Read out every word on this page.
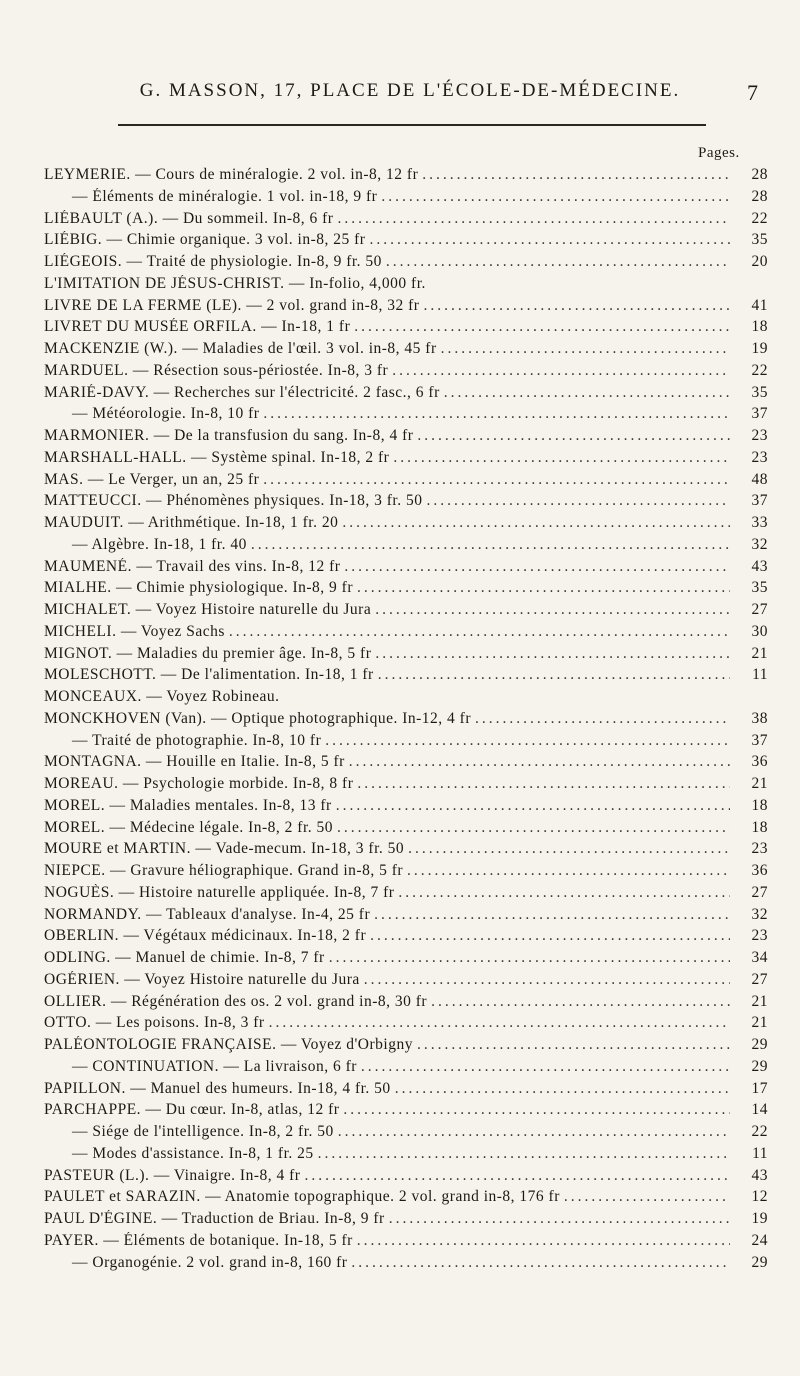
G. MASSON, 17, PLACE DE L'ÉCOLE-DE-MÉDECINE.	7
Pages.
LEYMERIE. — Cours de minéralogie. 2 vol. in-8, 12 fr .....	28
— Éléments de minéralogie. 1 vol. in-18, 9 fr .....	28
LIÉBAULT (A.). — Du sommeil. In-8, 6 fr .....	22
LIÉBIG. — Chimie organique. 3 vol. in-8, 25 fr .....	35
LIÉGEOIS. — Traité de physiologie. In-8, 9 fr. 50 .....	20
L'IMITATION DE JÉSUS-CHRIST. — In-folio, 4,000 fr.
LIVRE DE LA FERME (LE). — 2 vol. grand in-8, 32 fr .....	41
LIVRET DU MUSÉE ORFILA. — In-18, 1 fr .....	18
MACKENZIE (W.). — Maladies de l'œil. 3 vol. in-8, 45 fr .....	19
MARDUEL. — Résection sous-périostée. In-8, 3 fr .....	22
MARIÉ-DAVY. — Recherches sur l'électricité. 2 fasc., 6 fr .....	35
— Météorologie. In-8, 10 fr .....	37
MARMONIER. — De la transfusion du sang. In-8, 4 fr .....	23
MARSHALL-HALL. — Système spinal. In-18, 2 fr .....	23
MAS. — Le Verger, un an, 25 fr .....	48
MATTEUCCI. — Phénomènes physiques. In-18, 3 fr. 50 .....	37
MAUDUIT. — Arithmétique. In-18, 1 fr. 20 .....	33
— Algèbre. In-18, 1 fr. 40 .....	32
MAUMENÉ. — Travail des vins. In-8, 12 fr .....	43
MIALHE. — Chimie physiologique. In-8, 9 fr .....	35
MICHALET. — Voyez Histoire naturelle du Jura .....	27
MICHELI. — Voyez Sachs .....	30
MIGNOT. — Maladies du premier âge. In-8, 5 fr .....	21
MOLESCHOTT. — De l'alimentation. In-18, 1 fr .....	11
MONCEAUX. — Voyez Robineau.
MONCKHOVEN (Van). — Optique photographique. In-12, 4 fr .....	38
— Traité de photographie. In-8, 10 fr .....	37
MONTAGNA. — Houille en Italie. In-8, 5 fr .....	36
MOREAU. — Psychologie morbide. In-8, 8 fr .....	21
MOREL. — Maladies mentales. In-8, 13 fr .....	18
MOREL. — Médecine légale. In-8, 2 fr. 50 .....	18
MOURE et MARTIN. — Vade-mecum. In-18, 3 fr. 50 .....	23
NIEPCE. — Gravure héliographique. Grand in-8, 5 fr .....	36
NOGUÈS. — Histoire naturelle appliquée. In-8, 7 fr .....	27
NORMANDY. — Tableaux d'analyse. In-4, 25 fr .....	32
OBERLIN. — Végétaux médicinaux. In-18, 2 fr .....	23
ODLING. — Manuel de chimie. In-8, 7 fr .....	34
OGÉRIEN. — Voyez Histoire naturelle du Jura .....	27
OLLIER. — Régénération des os. 2 vol. grand in-8, 30 fr .....	21
OTTO. — Les poisons. In-8, 3 fr .....	21
PALÉONTOLOGIE FRANÇAISE. — Voyez d'Orbigny .....	29
— CONTINUATION. — La livraison, 6 fr .....	29
PAPILLON. — Manuel des humeurs. In-18, 4 fr. 50 .....	17
PARCHAPPE. — Du cœur. In-8, atlas, 12 fr .....	14
— Siége de l'intelligence. In-8, 2 fr. 50 .....	22
— Modes d'assistance. In-8, 1 fr. 25 .....	11
PASTEUR (L.). — Vinaigre. In-8, 4 fr .....	43
PAULET et SARAZIN. — Anatomie topographique. 2 vol. grand in-8, 176 fr .....	12
PAUL D'ÉGINE. — Traduction de Briau. In-8, 9 fr .....	19
PAYER. — Éléments de botanique. In-18, 5 fr .....	24
— Organogénie. 2 vol. grand in-8, 160 fr .....	29
